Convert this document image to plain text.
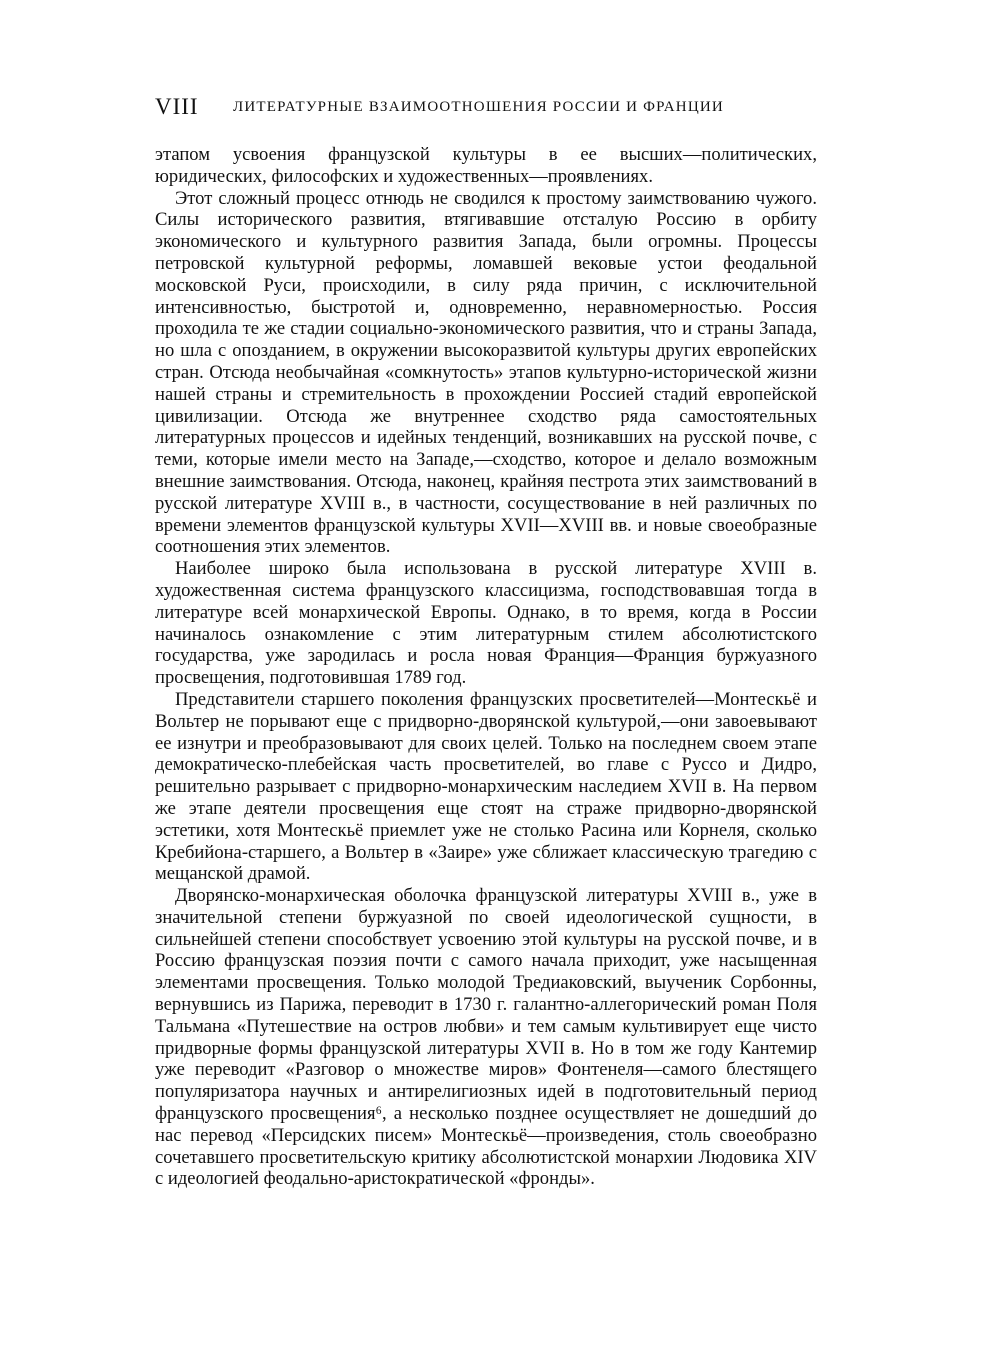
VIII ЛИТЕРАТУРНЫЕ ВЗАИМООТНОШЕНИЯ РОССИИ И ФРАНЦИИ

этапом усвоения французской культуры в ее высших—политических, юридических, философских и художественных—проявлениях.

Этот сложный процесс отнюдь не сводился к простому заимствованию чужого. Силы исторического развития, втягивавшие отсталую Россию в орбиту экономического и культурного развития Запада, были огромны. Процессы петровской культурной реформы, ломавшей вековые устои феодальной московской Руси, происходили, в силу ряда причин, с исключительной интенсивностью, быстротой и, одновременно, неравномерностью. Россия проходила те же стадии социально-экономического развития, что и страны Запада, но шла с опозданием, в окружении высокоразвитой культуры других европейских стран. Отсюда необычайная «сомкнутость» этапов культурно-исторической жизни нашей страны и стремительность в прохождении Россией стадий европейской цивилизации. Отсюда же внутреннее сходство ряда самостоятельных литературных процессов и идейных тенденций, возникавших на русской почве, с теми, которые имели место на Западе,—сходство, которое и делало возможным внешние заимствования. Отсюда, наконец, крайняя пестрота этих заимствований в русской литературе XVIII в., в частности, сосуществование в ней различных по времени элементов французской культуры XVII—XVIII вв. и новые своеобразные соотношения этих элементов.

Наиболее широко была использована в русской литературе XVIII в. художественная система французского классицизма, господствовавшая тогда в литературе всей монархической Европы. Однако, в то время, когда в России начиналось ознакомление с этим литературным стилем абсолютистского государства, уже зародилась и росла новая Франция—Франция буржуазного просвещения, подготовившая 1789 год.

Представители старшего поколения французских просветителей—Монтескьё и Вольтер не порывают еще с придворно-дворянской культурой,—они завоевывают ее изнутри и преобразовывают для своих целей. Только на последнем своем этапе демократическо-плебейская часть просветителей, во главе с Руссо и Дидро, решительно разрывает с придворно-монархическим наследием XVII в. На первом же этапе деятели просвещения еще стоят на страже придворно-дворянской эстетики, хотя Монтескьё приемлет уже не столько Расина или Корнеля, сколько Кребийона-старшего, а Вольтер в «Заире» уже сближает классическую трагедию с мещанской драмой.

Дворянско-монархическая оболочка французской литературы XVIII в., уже в значительной степени буржуазной по своей идеологической сущности, в сильнейшей степени способствует усвоению этой культуры на русской почве, и в Россию французская поэзия почти с самого начала приходит, уже насыщенная элементами просвещения. Только молодой Тредиаковский, выученик Сорбонны, вернувшись из Парижа, переводит в 1730 г. галантно-аллегорический роман Поля Тальмана «Путешествие на остров любви» и тем самым культивирует еще чисто придворные формы французской литературы XVII в. Но в том же году Кантемир уже переводит «Разговор о множестве миров» Фонтенеля—самого блестящего популяризатора научных и антирелигиозных идей в подготовительный период французского просвещения⁶, а несколько позднее осуществляет не дошедший до нас перевод «Персидских писем» Монтескьё—произведения, столь своеобразно сочетавшего просветительскую критику абсолютистской монархии Людовика XIV с идеологией феодально-аристократической «фронды».
